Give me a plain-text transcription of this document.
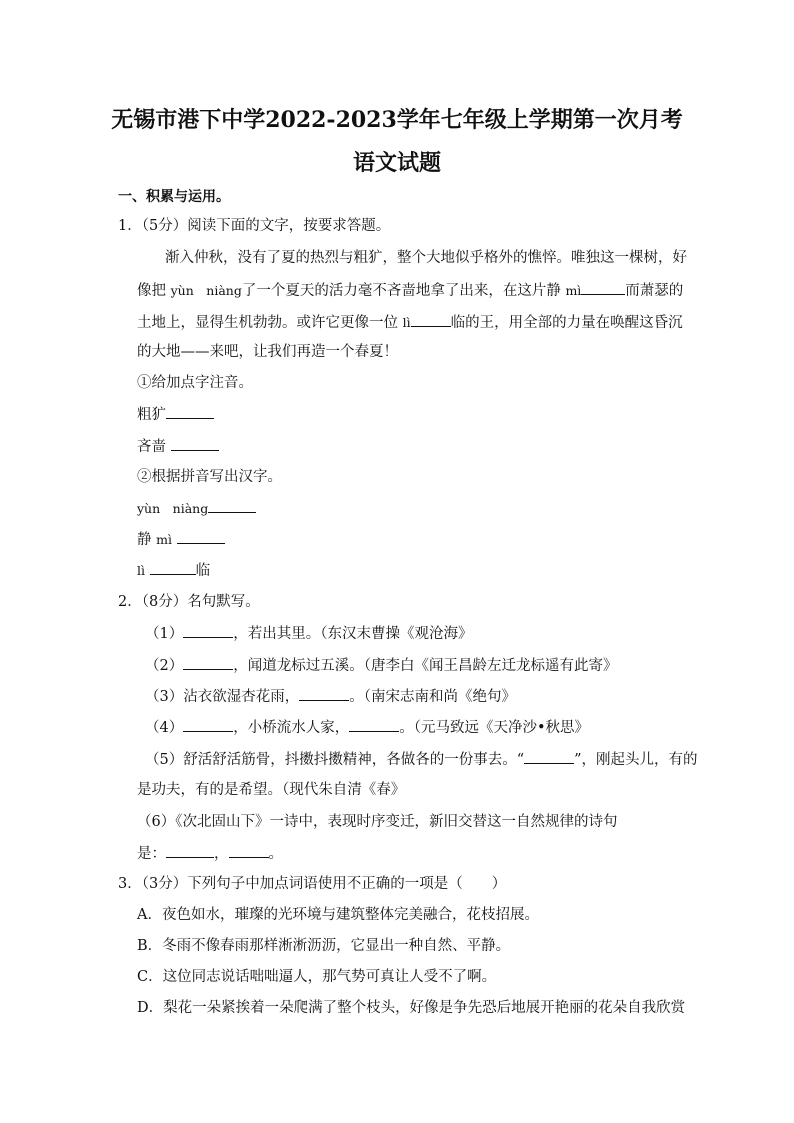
无锡市港下中学2022-2023学年七年级上学期第一次月考
语文试题
一、积累与运用。
1．（5分）阅读下面的文字，按要求答题。
渐入仲秋，没有了夏的热烈与粗犷，整个大地似乎格外的憔悴。唯独这一棵树，好
像把 yùn　niàng了一个夏天的活力毫不吝啬地拿了出来，在这片静 mì	而萧瑟的
土地上，显得生机勃勃。或许它更像一位 lì	临的王，用全部的力量在唤醒这昏沉
的大地——来吧，让我们再造一个春夏！
①给加点字注音。
粗犷
吝啬
②根据拼音写出汉字。
yùn　niàng
静 mì
lì	临
2．（8分）名句默写。
（1）	，若出其里。（东汉末曹操《观沧海》
（2）	，闻道龙标过五溪。（唐李白《闻王昌龄左迁龙标遥有此寄》
（3）沾衣欲湿杏花雨，	。（南宋志南和尚《绝句》
（4）	，小桥流水人家，	。（元马致远《天净沙•秋思》
（5）舒活舒活筋骨，抖擞抖擞精神，各做各的一份事去。“	”，刚起头儿，有的
是功夫，有的是希望。（现代朱自清《春》
（6）《次北固山下》一诗中，表现时序变迁，新旧交替这一自然规律的诗句
是：	，	。
3．（3分）下列句子中加点词语使用不正确的一项是（　　）
A．夜色如水，璀璨的光环境与建筑整体完美融合，花枝招展。
B．冬雨不像春雨那样淅淅沥沥，它显出一种自然、平静。
C．这位同志说话咄咄逼人，那气势可真让人受不了啊。
D．梨花一朵紧挨着一朵爬满了整个枝头，好像是争先恐后地展开艳丽的花朵自我欣赏
